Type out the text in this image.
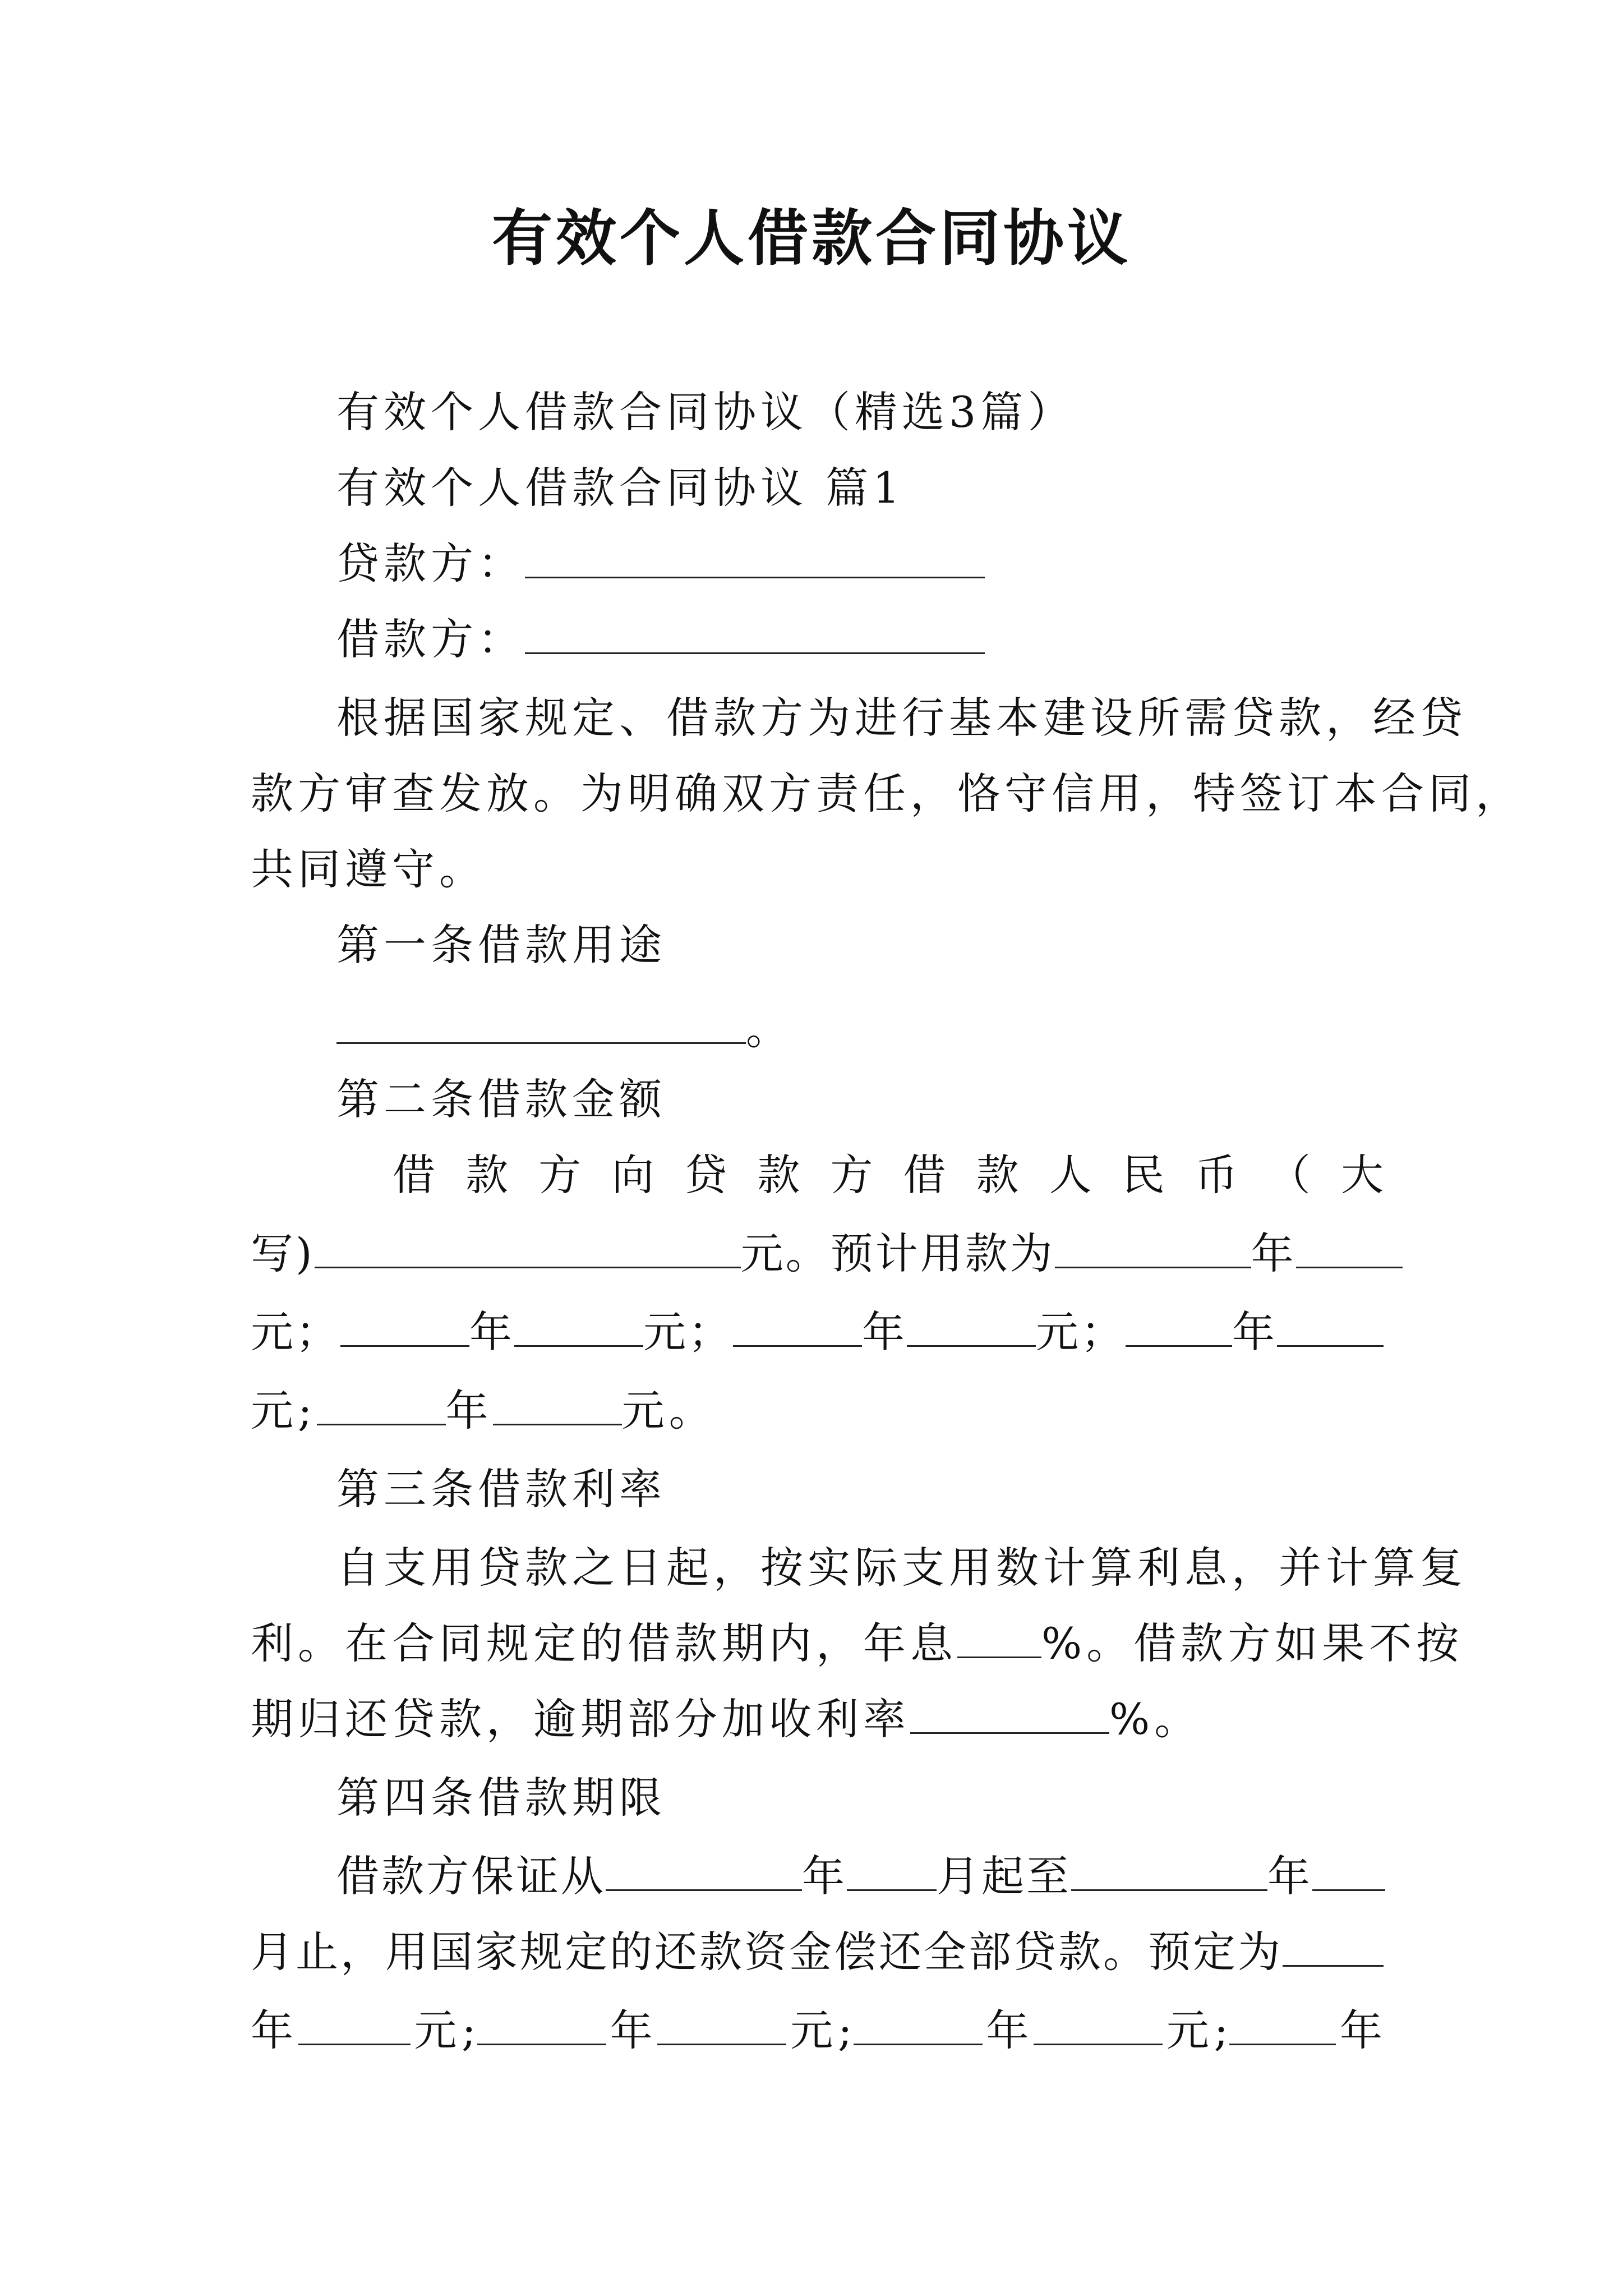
有效个人借款合同协议
有效个人借款合同协议（精选3篇）
有效个人借款合同协议 篇1
贷款方：
借款方：
根据国家规定、借款方为进行基本建设所需贷款，经贷
款方审查发放。为明确双方责任，恪守信用，特签订本合同，
共同遵守。
第一条借款用途
。
第二条借款金额
借款方向贷款方借款人民币（大
写)	元。预计用款为	年
元；	年	元；	年	元；	年
元;	年	元。
第三条借款利率
自支用贷款之日起，按实际支用数计算利息，并计算复
利。在合同规定的借款期内，年息 %。借款方如果不按
期归还贷款，逾期部分加收利率	%。
第四条借款期限
借款方保证从	年 月起至	年
月止，用国家规定的还款资金偿还全部贷款。预定为
年	元;	年	元;	年	元;	年
